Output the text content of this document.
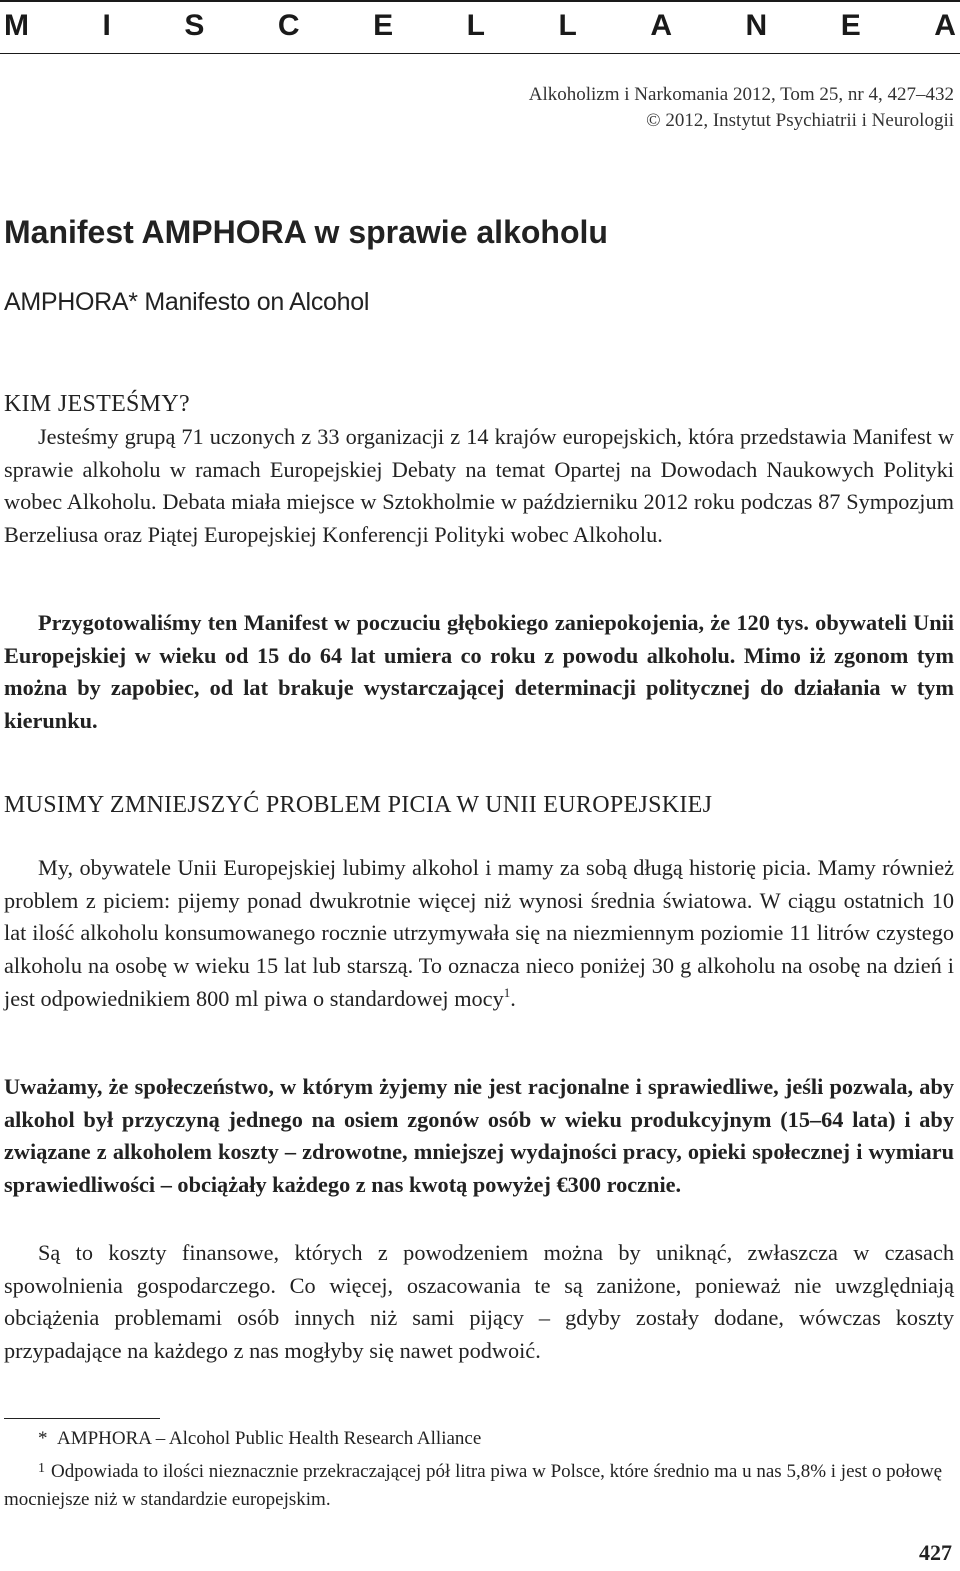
M I S C E L L A N E A
Alkoholizm i Narkomania 2012, Tom 25, nr 4, 427–432
© 2012, Instytut Psychiatrii i Neurologii
Manifest AMPHORA w sprawie alkoholu
AMPHORA* Manifesto on Alcohol
KIM JESTEŚMY?

Jesteśmy grupą 71 uczonych z 33 organizacji z 14 krajów europejskich, która przedstawia Manifest w sprawie alkoholu w ramach Europejskiej Debaty na temat Opartej na Dowodach Naukowych Polityki wobec Alkoholu. Debata miała miejsce w Sztokholmie w październiku 2012 roku podczas 87 Sympozjum Berzeliusa oraz Piątej Europejskiej Konferencji Polityki wobec Alkoholu.

Przygotowaliśmy ten Manifest w poczuciu głębokiego zaniepokojenia, że 120 tys. obywateli Unii Europejskiej w wieku od 15 do 64 lat umiera co roku z powodu alkoholu. Mimo iż zgonom tym można by zapobiec, od lat brakuje wystarczającej determinacji politycznej do działania w tym kierunku.

MUSIMY ZMNIEJSZYĆ PROBLEM PICIA W UNII EUROPEJSKIEJ

My, obywatele Unii Europejskiej lubimy alkohol i mamy za sobą długą historię picia. Mamy również problem z piciem: pijemy ponad dwukrotnie więcej niż wynosi średnia światowa. W ciągu ostatnich 10 lat ilość alkoholu konsumowanego rocznie utrzymywała się na niezmiennym poziomie 11 litrów czystego alkoholu na osobę w wieku 15 lat lub starszą. To oznacza nieco poniżej 30 g alkoholu na osobę na dzień i jest odpowiednikiem 800 ml piwa o standardowej mocy$^1$.

Uważamy, że społeczeństwo, w którym żyjemy nie jest racjonalne i sprawiedliwe, jeśli pozwala, aby alkohol był przyczyną jednego na osiem zgonów osób w wieku produkcyjnym (15–64 lata) i aby związane z alkoholem koszty – zdrowotne, mniejszej wydajności pracy, opieki społecznej i wymiaru sprawiedliwości – obciążały każdego z nas kwotą powyżej €300 rocznie.

Są to koszty finansowe, których z powodzeniem można by uniknąć, zwłaszcza w czasach spowolnienia gospodarczego. Co więcej, oszacowania te są zaniżone, ponieważ nie uwzględniają obciążenia problemami osób innych niż sami pijący – gdyby zostały dodane, wówczas koszty przypadające na każdego z nas mogłyby się nawet podwoić.

* AMPHORA – Alcohol Public Health Research Alliance
$^1$ Odpowiada to ilości nieznacznie przekraczającej pół litra piwa w Polsce, które średnio ma u nas 5,8% i jest o połowę mocniejsze niż w standardzie europejskim.
427
